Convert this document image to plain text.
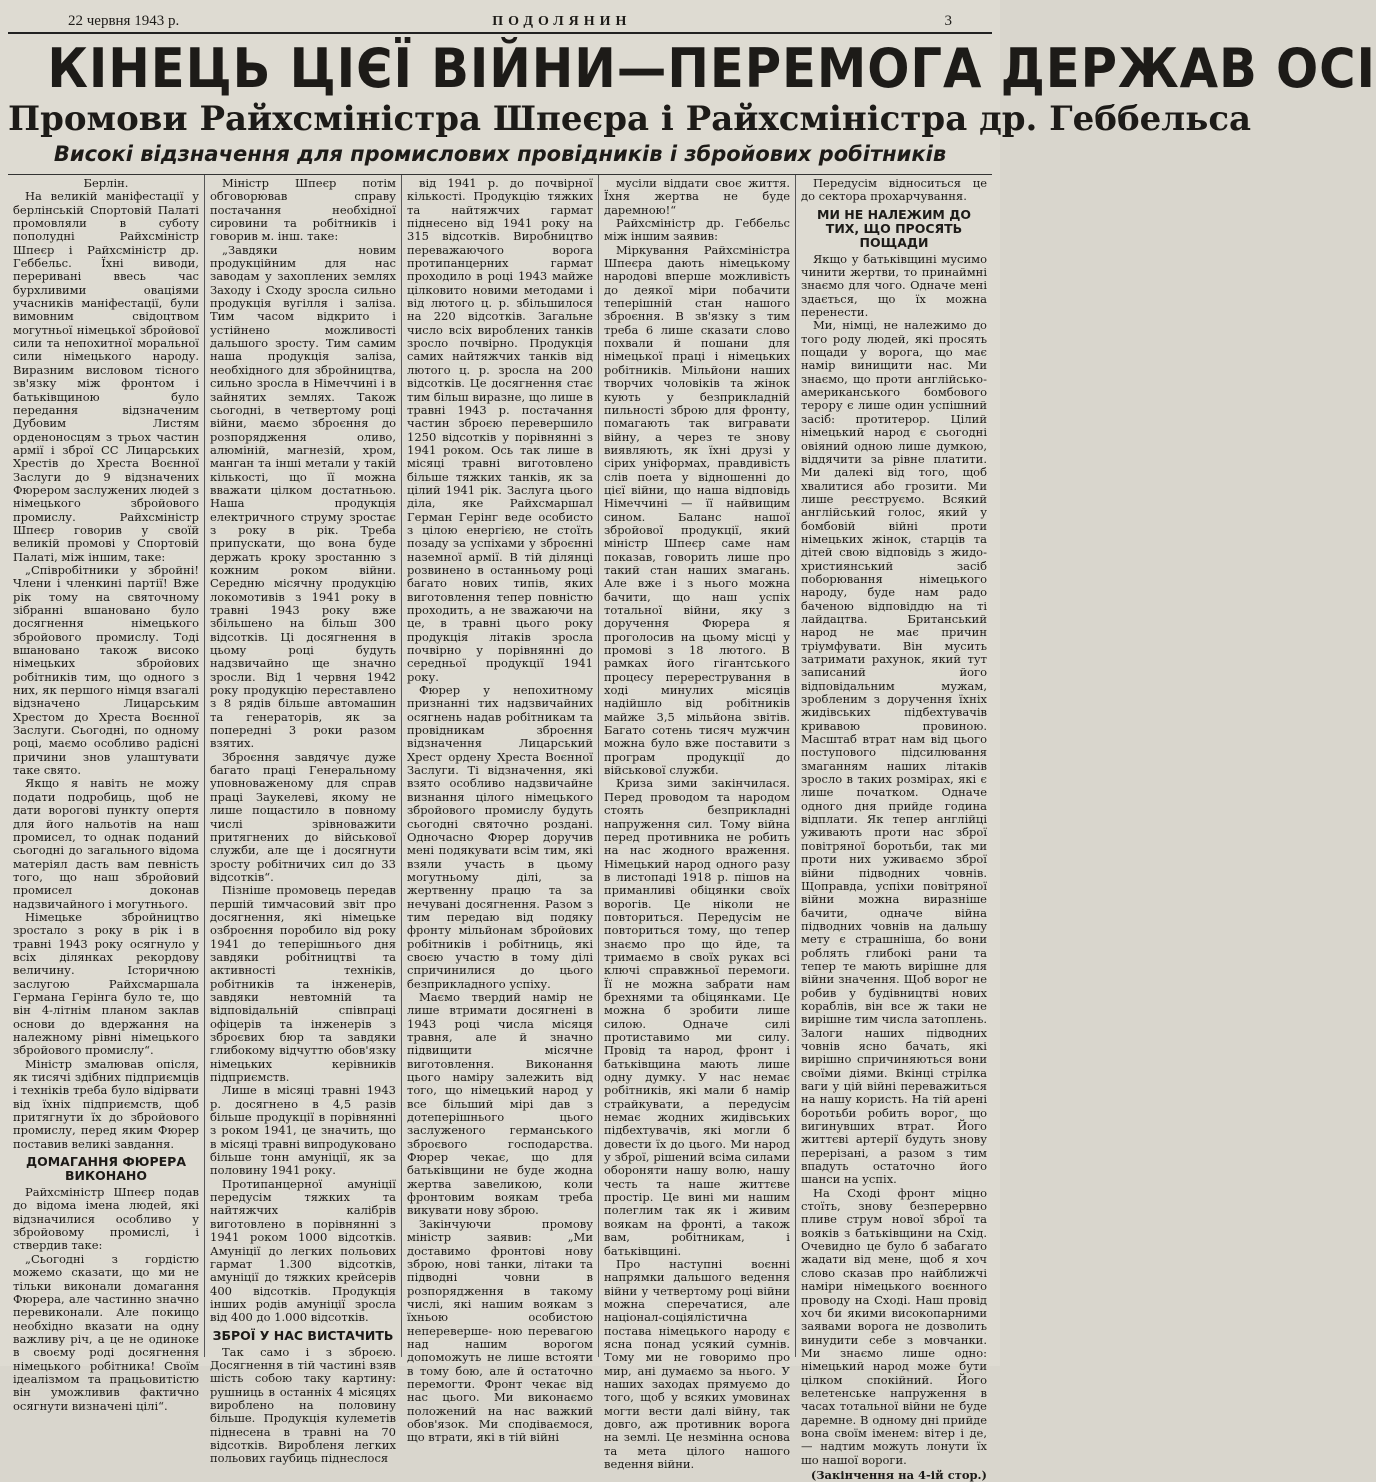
22 червня 1943 р.	ПОДОЛЯНИН	3
КІНЕЦЬ ЦІЄЇ ВІЙНИ—ПЕРЕМОГА ДЕРЖАВ ОСІ
Промови Райхсміністра Шпеєра і Райхсміністра др. Геббельса
Високі відзначення для промислових провідників і збройових робітників

Берлін.

На великій маніфестації у берлінській Спортовій Палаті промовляли в суботу пополудні Райхсміністр Шпеєр і Райхсміністр др. Геббельс. Їхні виводи, переривані ввесь час бурхливими оваціями учасників маніфестації, були вимовним свідоцтвом могутньої німецької збройової сили та непохитної моральної сили німецького народу. Виразним висловом тісного зв'язку між фронтом і батьківщиною було передання відзначеним Дубовим Листям орденоносцям з трьох частин армії і зброї СС Лицарських Хрестів до Хреста Воєнної Заслуги до 9 відзначених Фюрером заслужених людей з німецького збройового промислу. Райхсміністр Шпеєр говорив у своїй великій промові у Спортовій Палаті, між іншим, таке:

„Співробітники у збройні! Члени і членкині партії! Вже рік тому на святочному зібранні вшановано було досягнення німецького збройового промислу. Тоді вшановано також високо німецьких збройових робітників тим, що одного з них, як першого німця взагалі відзначено Лицарським Хрестом до Хреста Воєнної Заслуги. Сьогодні, по одному році, маємо особливо радісні причини знов улаштувати таке свято.

Якщо я навіть не можу подати подробиць, щоб не дати ворогові пункту опертя для його нальотів на наш промисел, то однак поданий сьогодні до загального відома матеріял дасть вам певність того, що наш збройовий промисел доконав надзвичайного і могутнього.

Німецьке збройництво зростало з року в рік і в травні 1943 року осягнуло у всіх ділянках рекордову величину. Історичною заслугою Райхсмаршала Германа Герінга було те, що він 4-літнім планом заклав основи до вдержання на належному рівні німецького збройового промислу“.

Міністр змалював опісля, як тисячі здібних підприємців і техніків треба було відірвати від їхніх підприємств, щоб притягнути їх до збройового промислу, перед яким Фюрер поставив великі завдання.

ДОМАГАННЯ ФЮРЕРА ВИКОНАНО

Райхсміністр Шпеєр подав до відома імена людей, які відзначилися особливо у збройовому промислі, і ствердив таке:

„Сьогодні з гордістю можемо сказати, що ми не тільки виконали домагання Фюрера, але частинно значно перевиконали. Але покищо необхідно вказати на одну важливу річ, а це не одиноке в своєму роді досягнення німецького робітника! Своїм ідеалізмом та працьовитістю він уможливив фактично осягнути визначені цілі“.

Міністр Шпеєр потім обговорював справу постачання необхідної сировини та робітників і говорив м. інш. таке:

„Завдяки новим продукційним для нас заводам у захоплених землях Заходу і Сходу зросла сильно продукція вугілля і заліза. Тим часом відкрито і устійнено можливості дальшого зросту. Тим самим наша продукція заліза, необхідного для збройництва, сильно зросла в Німеччині і в зайнятих землях. Також сьогодні, в четвертому році війни, маємо зброєння до розпорядження оливо, алюміній, магнезій, хром, манган та інші метали у такій кількості, що її можна вважати цілком достатньою. Наша продукція електричного струму зростає з року в рік. Треба припускати, що вона буде держать кроку зростанню з кожним роком війни. Середню місячну продукцію локомотивів з 1941 року в травні 1943 року вже збільшено на більш 300 відсотків. Ці досягнення в цьому році будуть надзвичайно ще значно зросли. Від 1 червня 1942 року продукцію переставлено з 8 рядів більше автомашин та генераторів, як за попередні 3 роки разом взятих.

Зброєння завдячує дуже багато праці Генеральному уповноваженому для справ праці Заукелеві, якому не лише пощастило в повному числі зрівноважити притягнених до військової служби, але ще і досягнути зросту робітничих сил до 33 відсотків“.

Пізніше промовець передав першій тимчасовий звіт про досягнення, які німецьке озброєння поробило від року 1941 до теперішнього дня завдяки робітництві та активності техніків, робітників та інженерів, завдяки невтомній та відповідальній співпраці офіцерів та інженерів з зброєвих бюр та завдяки глибокому відчуттю обов'язку німецьких керівників підприємств.

Лише в місяці травні 1943 р. досягнено в 4,5 разів більше продукції в порівнянні з роком 1941, це значить, що в місяці травні випродуковано більше тонн амуніції, як за половину 1941 року.

Протипанцерної амуніції передусім тяжких та найтяжчих калібрів виготовлено в порівнянні з 1941 роком 1000 відсотків. Амуніції до легких польових гармат 1.300 відсотків, амуніції до тяжких крейсерів 400 відсотків. Продукція інших родів амуніції зросла від 400 до 1.000 відсотків.

ЗБРОЇ У НАС ВИСТАЧИТЬ

Так само і з зброєю. Досягнення в тій частині взяв шість собою таку картину: рушниць в останніх 4 місяцях вироблено на половину більше. Продукція кулеметів піднесена в травні на 70 відсотків. Виробленя легких польових гаубиць піднеслося

від 1941 р. до почвірної кількості. Продукцію тяжких та найтяжчих гармат піднесено від 1941 року на 315 відсотків. Виробництво переважаючого ворога протипанцерних гармат проходило в році 1943 майже цілковито новими методами і від лютого ц. р. збільшилося на 220 відсотків. Загальне число всіх вироблених танків зросло почвірно. Продукція самих найтяжчих танків від лютого ц. р. зросла на 200 відсотків. Це досягнення стає тим більш виразне, що лише в травні 1943 р. постачання частин зброєю перевершило 1250 відсотків у порівнянні з 1941 роком. Ось так лише в місяці травні виготовлено більше тяжких танків, як за цілий 1941 рік. Заслуга цього діла, яке Райхсмаршал Герман Герінг веде особисто з цілою енергією, не стоїть позаду за успіхами у зброєнні наземної армії. В тій ділянці розвинено в останньому році багато нових типів, яких виготовлення тепер повністю проходить, а не зважаючи на це, в травні цього року продукція літаків зросла почвірно у порівнянні до середньої продукції 1941 року.

Фюрер у непохитному признанні тих надзвичайних осягнень надав робітникам та провідникам зброєння відзначення Лицарський Хрест ордену Хреста Воєнної Заслуги. Ті відзначення, які взято особливо надзвичайне визнання цілого німецького збройового промислу будуть сьогодні святочно роздані. Одночасно Фюрер доручив мені подякувати всім тим, які взяли участь в цьому могутньому ділі, за жертвенну працю та за нечувані досягнення. Разом з тим передаю від подяку фронту мільйонам збройових робітників і робітниць, які своєю участю в тому ділі спричинилися до цього безприкладного успіху.

Маємо твердий намір не лише втримати досягнені в 1943 році числа місяця травня, але й значно підвищити місячне виготовлення. Виконання цього наміру залежить від того, що німецький народ у все більший мірі дав з дотеперішнього цього заслуженого германського зброєвого господарства. Фюрер чекає, що для батьківщини не буде жодна жертва завеликою, коли фронтовим воякам треба викувати нову зброю.

Закінчуючи промову міністр заявив: „Ми доставимо фронтові нову зброю, нові танки, літаки та підводні човни в розпорядження в такому числі, які нашим воякам з їхньою особистою непереверше- ною перевагою над нашим ворогом допоможуть не лише встояти в тому бою, але й остаточно перемогти. Фронт чекає від нас цього. Ми виконаємо положений на нас важкий обов'язок. Ми сподіваємося, що втрати, які в тій війні

мусіли віддати своє життя. Їхня жертва не буде даремною!“

Райхсміністр др. Геббельс між іншим заявив:

Міркування Райхсміністра Шпеєра дають німецькому народові вперше можливість до деякої міри побачити теперішній стан нашого зброєння. В зв'язку з тим треба 6 лише сказати слово похвали й пошани для німецької праці і німецьких робітників. Мільйони наших творчих чоловіків та жінок кують у безприкладній пильності зброю для фронту, помагають так вигравати війну, а через те знову виявляють, як їхні друзі у сірих уніформах, правдивість слів поета у відношенні до цієї війни, що наша відповідь Німеччині — її найвищим сином. Баланс нашої збройової продукції, який міністр Шпеєр саме нам показав, говорить лише про такий стан наших змагань. Але вже і з нього можна бачити, що наш успіх тотальної війни, яку з доручення Фюрера я проголосив на цьому місці у промові з 18 лютого. В рамках його гігантського процесу перерестрування в ході минулих місяців надійшло від робітників майже 3,5 мільйона звітів. Багато сотень тисяч мужчин можна було вже поставити з програм продукції до військової служби.

Криза зими закінчилася. Перед проводом та народом стоять безприкладні напруження сил. Тому війна перед противника не робить на нас жодного враження. Німецький народ одного разу в листопаді 1918 р. пішов на приманливі обіцянки своїх ворогів. Це ніколи не повториться. Передусім не повториться тому, що тепер знаємо про що йде, та тримаємо в своїх руках всі ключі справжньої перемоги. Її не можна забрати нам брехнями та обіцянками. Це можна б зробити лише силою. Одначе силі протиставимо ми силу. Провід та народ, фронт і батьківщина мають лише одну думку. У нас немає робітників, які мали б намір страйкувати, а передусім немає жодних жидівських підбехтувачів, які могли б довести їх до цього. Ми народ у зброї, рішений всіма силами обороняти нашу волю, нашу честь та наше життєве простір. Це вині ми нашим полеглим так як і живим воякам на фронті, а також вам, робітникам, і батьківщині.

Про наступні воєнні напрямки дальшого ведення війни у четвертому році війни можна сперечатися, але націонал-соціялістична постава німецького народу є ясна понад усякий сумнів. Тому ми не говоримо про мир, ані думаємо за нього. У наших заходах прямуємо до того, щоб у всяких умовинах могти вести далі війну, так довго, аж противник ворога на землі. Це незмінна основа та мета цілого нашого ведення війни.

Передусім відноситься це до сектора прохарчування.

МИ НЕ НАЛЕЖИМ ДО ТИХ, ЩО ПРОСЯТЬ ПОЩАДИ

Якщо у батьківщині мусимо чинити жертви, то принаймні знаємо для чого. Одначе мені здається, що їх можна перенести.

Ми, німці, не належимо до того роду людей, які просять пощади у ворога, що має намір винищити нас. Ми знаємо, що проти англійсько-американського бомбового терору є лише один успішний засіб: протитерор. Цілий німецький народ є сьогодні овіяний одною лише думкою, віддячити за рівне платити. Ми далекі від того, щоб хвалитися або грозити. Ми лише реєструємо. Всякий англійський голос, який у бомбовій війні проти німецьких жінок, старців та дітей свою відповідь з жидо- християнський засіб поборювання німецького народу, буде нам радо баченою відповіддю на ті лайдацтва. Британський народ не має причин тріумфувати. Він мусить затримати рахунок, який тут записаний його відповідальним мужам, зробленим з доручення їхніх жидівських підбехтувачів кривавою провиною. Масштаб втрат нам від цього поступового підсилювання змаганням наших літаків зросло в таких розмірах, які є лише початком. Одначе одного дня прийде година відплати. Як тепер англійці уживають проти нас зброї повітряної боротьби, так ми проти них уживаємо зброї війни підводних човнів. Щоправда, успіхи повітряної війни можна виразніше бачити, одначе війна підводних човнів на дальшу мету є страшніша, бо вони роблять глибокі рани та тепер те мають вирішне для війни значення. Щоб ворог не робив у будівництві нових кораблів, він все ж таки не вирішне тим числа затоплень. Залоги наших підводних човнів ясно бачать, які вирішно спричиняються вони своїми діями. Вкінці стрілка ваги у цій війні переважиться на нашу користь. На тій арені боротьби робить ворог, що вигинувших втрат. Його життєві артерії будуть знову перерізані, а разом з тим впадуть остаточно його шанси на успіх.

На Сході фронт міцно стоїть, знову безперервно пливе струм нової зброї та вояків з батьківщини на Схід. Очевидно це було б забагато жадати від мене, щоб я хоч слово сказав про найближчі наміри німецького воєнного проводу на Сході. Наш провід хоч би якими високопарними заявами ворога не дозволить винудити себе з мовчанки. Ми знаємо лише одно: німецький народ може бути цілком спокійний. Його велетенське напруження в часах тотальної війни не буде даремне. В одному дні прийде вона своїм іменем: вітер і де, — надтим можуть лонути їх шо нашої вороги.

(Закінчення на 4-ій стор.)
